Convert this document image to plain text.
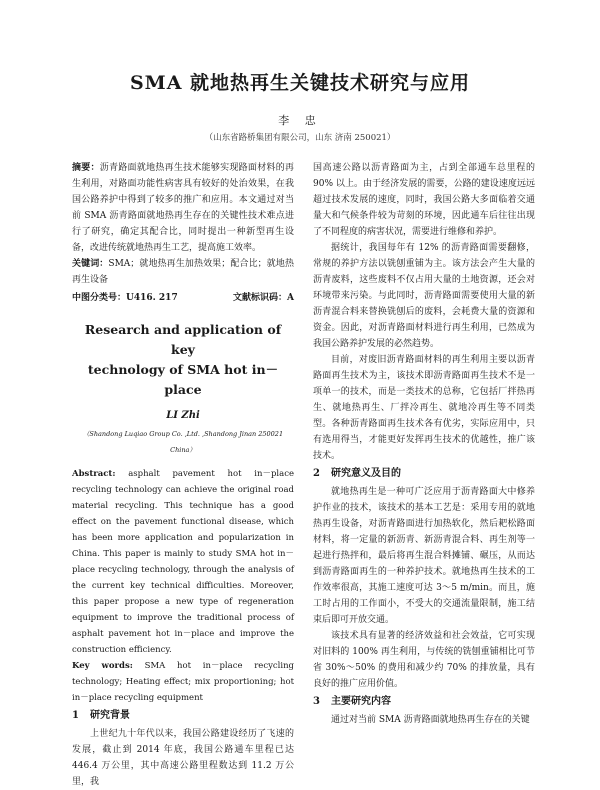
SMA 就地热再生关键技术研究与应用
李 忠
（山东省路桥集团有限公司，山东 济南 250021）

摘要：沥青路面就地热再生技术能够实现路面材料的再生利用，对路面功能性病害具有较好的处治效果，在我国公路养护中得到了较多的推广和应用。本文通过对当前 SMA 沥青路面就地热再生存在的关键性技术难点进行了研究，确定其配合比，同时提出一种新型再生设备，改进传统就地热再生工艺，提高施工效率。

关键词：SMA；就地热再生加热效果；配合比；就地热再生设备

中图分类号：U416. 217	文献标识码：A
Research and application of key
technology of SMA hot in－place
LI Zhi
（Shandong Luqiao Group Co. ,Ltd. ,Shandong Jinan 250021 China）

Abstract: asphalt pavement hot in－place recycling technology can achieve the original road material recycling. This technique has a good effect on the pavement functional disease, which has been more application and popularization in China. This paper is mainly to study SMA hot in－place recycling technology, through the analysis of the current key technical difficulties. Moreover, this paper propose a new type of regeneration equipment to improve the traditional process of asphalt pavement hot in－place and improve the construction efficiency.

Key words: SMA hot in－place recycling technology; Heating effect; mix proportioning; hot in－place recycling equipment

1 研究背景

上世纪九十年代以来，我国公路建设经历了飞速的发展，截止到 2014 年底，我国公路通车里程已达 446.4 万公里，其中高速公路里程数达到 11.2 万公里，我

国高速公路以沥青路面为主，占到全部通车总里程的 90% 以上。由于经济发展的需要，公路的建设速度远远超过技术发展的速度，同时，我国公路大多面临着交通量大和气候条件较为苛刻的环境，因此通车后往往出现了不同程度的病害状况，需要进行维修和养护。

据统计，我国每年有 12% 的沥青路面需要翻修，常规的养护方法以铣刨重铺为主。该方法会产生大量的沥青废料，这些废料不仅占用大量的土地资源，还会对环境带来污染。与此同时，沥青路面需要使用大量的新沥青混合料来替换铣刨后的废料，会耗费大量的资源和资金。因此，对沥青路面材料进行再生利用，已然成为我国公路养护发展的必然趋势。

目前，对废旧沥青路面材料的再生利用主要以沥青路面再生技术为主，该技术即沥青路面再生技术不是一项单一的技术，而是一类技术的总称，它包括厂拌热再生、就地热再生、厂拌冷再生、就地冷再生等不同类型。各种沥青路面再生技术各有优劣，实际应用中，只有选用得当，才能更好发挥再生技术的优越性，推广该技术。

2 研究意义及目的

就地热再生是一种可广泛应用于沥青路面大中修养护作业的技术，该技术的基本工艺是：采用专用的就地热再生设备，对沥青路面进行加热软化，然后耙松路面材料，将一定量的新沥青、新沥青混合料、再生剂等一起进行热拌和，最后将再生混合料摊铺、碾压，从而达到沥青路面再生的一种养护技术。就地热再生技术的工作效率很高，其施工速度可达 3～5 m/min。而且，施工时占用的工作面小，不受大的交通流量限制，施工结束后即可开放交通。

该技术具有显著的经济效益和社会效益，它可实现对旧料的 100% 再生利用，与传统的铣刨重铺相比可节省 30%～50% 的费用和减少约 70% 的排放量，具有良好的推广应用价值。

3 主要研究内容

通过对当前 SMA 沥青路面就地热再生存在的关键
